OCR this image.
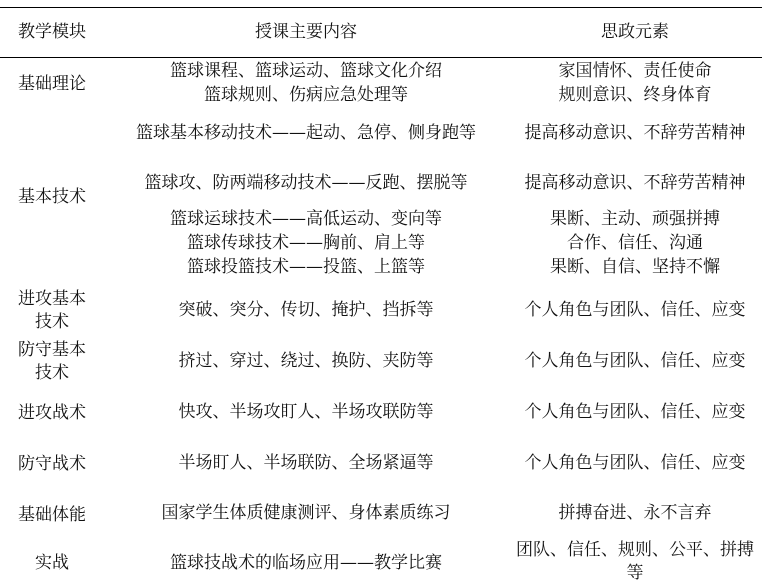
教学模块	授课主要内容	思政元素
基础理论
基本技术
进攻基本技术
防守基本技术
进攻战术
防守战术
基础体能
实战
篮球课程、篮球运动、篮球文化介绍
篮球规则、伤病应急处理等
篮球基本移动技术——起动、急停、侧身跑等
篮球攻、防两端移动技术——反跑、摆脱等
篮球运球技术——高低运动、变向等
篮球传球技术——胸前、肩上等
篮球投篮技术——投篮、上篮等
突破、突分、传切、掩护、挡拆等
挤过、穿过、绕过、换防、夹防等
快攻、半场攻盯人、半场攻联防等
半场盯人、半场联防、全场紧逼等
国家学生体质健康测评、身体素质练习
篮球技战术的临场应用——教学比赛
家国情怀、责任使命
规则意识、终身体育
提高移动意识、不辞劳苦精神
提高移动意识、不辞劳苦精神
果断、主动、顽强拼搏
合作、信任、沟通
果断、自信、坚持不懈
个人角色与团队、信任、应变
个人角色与团队、信任、应变
个人角色与团队、信任、应变
个人角色与团队、信任、应变
拼搏奋进、永不言弃
团队、信任、规则、公平、拼搏等
